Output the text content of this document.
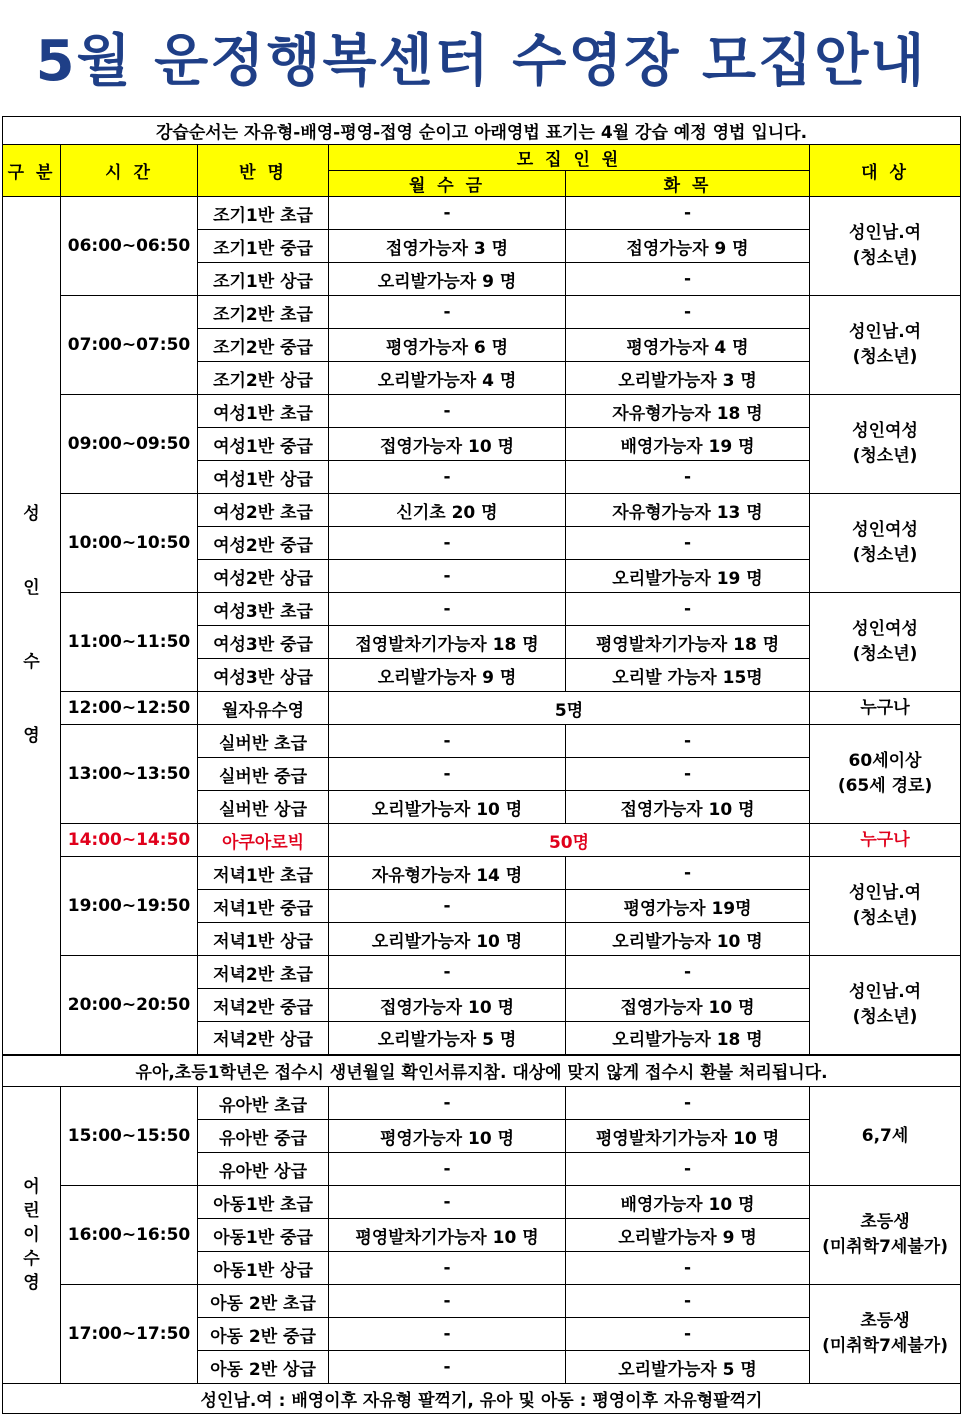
5월 운정행복센터 수영장 모집안내
강습순서는 자유형-배영-평영-접영 순이고 아래영법 표기는 4월 강습 예정 영법 입니다.					
구 분	시 간	반 명	모 집 인 원		대 상
			월 수 금	화 목	
성
인
수
영	06:00~06:50	조기1반 초급	-	-	성인남.여
(청소년)
		조기1반 중급	접영가능자 3 명	접영가능자 9 명	
		조기1반 상급	오리발가능자 9 명	-	
	07:00~07:50	조기2반 초급	-	-	성인남.여
(청소년)
		조기2반 중급	평영가능자 6 명	평영가능자 4 명	
		조기2반 상급	오리발가능자 4 명	오리발가능자 3 명	
	09:00~09:50	여성1반 초급	-	자유형가능자 18 명	성인여성
(청소년)
		여성1반 중급	접영가능자 10 명	배영가능자 19 명	
		여성1반 상급	-	-	
	10:00~10:50	여성2반 초급	신기초 20 명	자유형가능자 13 명	성인여성
(청소년)
		여성2반 중급	-	-	
		여성2반 상급	-	오리발가능자 19 명	
	11:00~11:50	여성3반 초급	-	-	성인여성
(청소년)
		여성3반 중급	접영발차기가능자 18 명	평영발차기가능자 18 명	
		여성3반 상급	오리발가능자 9 명	오리발 가능자 15명	
	12:00~12:50	월자유수영	5명		누구나
	13:00~13:50	실버반 초급	-	-	60세이상
(65세 경로)
		실버반 중급	-	-	
		실버반 상급	오리발가능자 10 명	접영가능자 10 명	
	14:00~14:50	아쿠아로빅	50명		누구나
	19:00~19:50	저녁1반 초급	자유형가능자 14 명	-	성인남.여
(청소년)
		저녁1반 중급	-	평영가능자 19명	
		저녁1반 상급	오리발가능자 10 명	오리발가능자 10 명	
	20:00~20:50	저녁2반 초급	-	-	성인남.여
(청소년)
		저녁2반 중급	접영가능자 10 명	접영가능자 10 명	
		저녁2반 상급	오리발가능자 5 명	오리발가능자 18 명	
유아,초등1학년은 접수시 생년월일 확인서류지참. 대상에 맞지 않게 접수시 환불 처리됩니다.					
어
린
이
수
영	15:00~15:50	유아반 초급	-	-	6,7세
		유아반 중급	평영가능자 10 명	평영발차기가능자 10 명	
		유아반 상급	-	-	
	16:00~16:50	아동1반 초급	-	배영가능자 10 명	초등생
(미취학7세불가)
		아동1반 중급	평영발차기가능자 10 명	오리발가능자 9 명	
		아동1반 상급	-	-	
	17:00~17:50	아동 2반 초급	-	-	초등생
(미취학7세불가)
		아동 2반 중급	-	-	
		아동 2반 상급	-	오리발가능자 5 명	
성인남.여 : 배영이후 자유형 팔꺽기, 유아 및 아동 : 평영이후 자유형팔꺽기					
